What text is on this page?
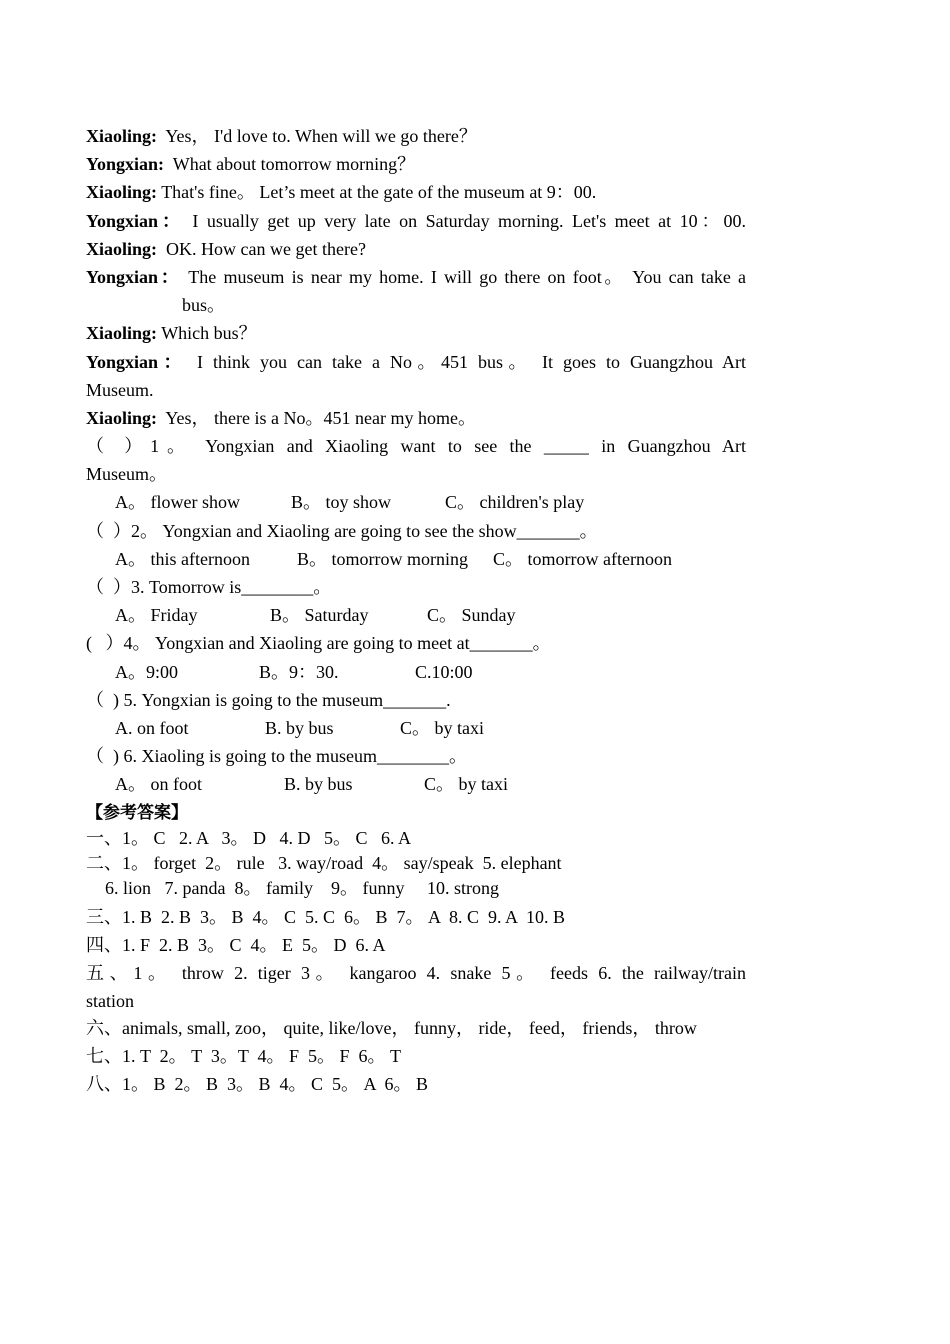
Xiaoling:  Yes， I'd love to. When will we go there？
Yongxian:  What about tomorrow morning？
Xiaoling: That's fine。 Let’s meet at the gate of the museum at 9：00.
Yongxian： I usually get up very late on Saturday morning. Let's meet at 10：00.
Xiaoling:  OK. How can we get there?
Yongxian： The museum is near my home. I will go there on foot。 You can take a
bus。
Xiaoling: Which bus？
Yongxian： I think you can take a No。451 bus。 It goes to Guangzhou Art
Museum.
Xiaoling:  Yes， there is a No。451 near my home。
（ ）1。 Yongxian and Xiaoling want to see the _____ in Guangzhou Art
Museum。
A。 flower show	B。 toy show	C。 children's play
（  ）2。 Yongxian and Xiaoling are going to see the show_______。
A。 this afternoon	B。 tomorrow morning C。 tomorrow afternoon
（  ）3. Tomorrow is________。
A。 Friday	B。 Saturday	C。 Sunday
(   ）4。 Yongxian and Xiaoling are going to meet at_______。
A。9:00	B。9：30.	C.10:00
（  ) 5. Yongxian is going to the museum_______.
A. on foot	B. by bus	C。 by taxi
（  ) 6. Xiaoling is going to the museum________。
A。 on foot	B. by bus	C。 by taxi
【参考答案】
一、1。 C   2. A   3。 D   4. D   5。 C   6. A
二、1。 forget  2。 rule   3. way/road  4。 say/speak  5. elephant
6. lion   7. panda  8。 family    9。 funny     10. strong
三、1. B  2. B  3。 B  4。 C  5. C  6。 B  7。 A  8. C  9. A  10. B
四、1. F  2. B  3。 C  4。 E  5。 D  6. A
五、1。 throw 2. tiger 3。 kangaroo 4. snake 5。 feeds 6. the railway/train
station
六、animals, small, zoo， quite, like/love， funny， ride， feed， friends， throw
七、1. T  2。 T  3。T  4。 F  5。 F  6。 T
八、1。 B  2。 B  3。 B  4。 C  5。 A  6。 B
